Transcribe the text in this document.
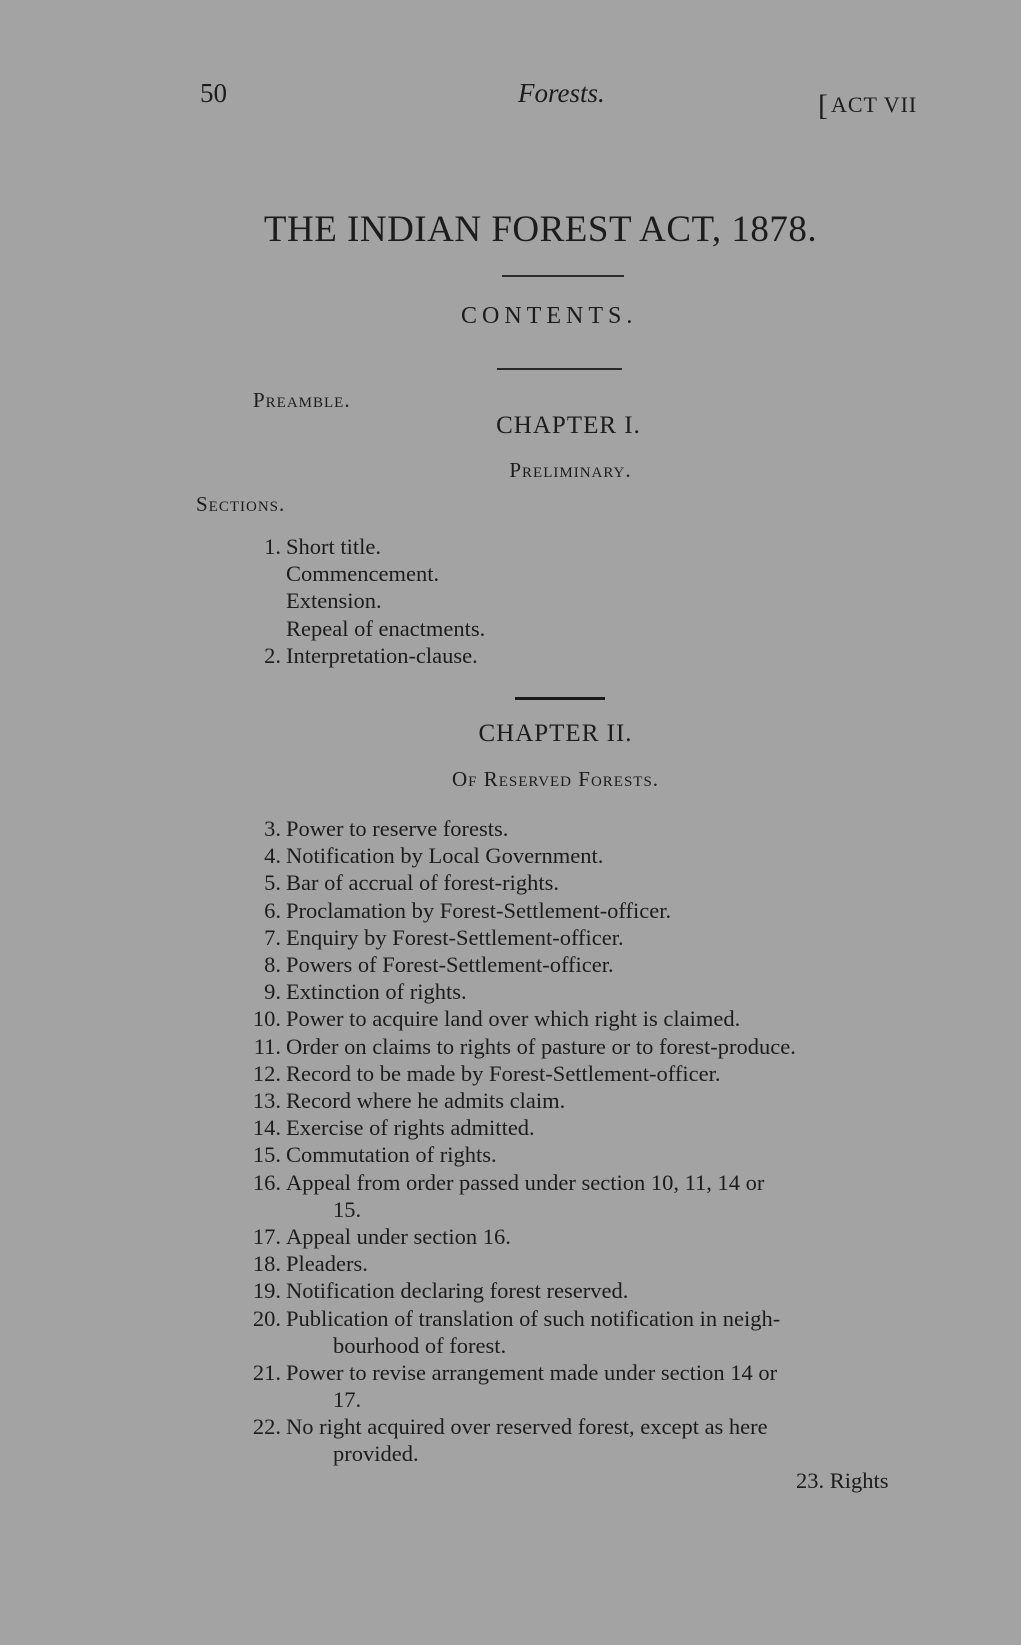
50	Forests.
[	ACT VII
THE INDIAN FOREST ACT, 1878.
CONTENTS.
Preamble.
CHAPTER I.
Preliminary.
Sections.
1. Short title.
Commencement.
Extension.
Repeal of enactments.
2. Interpretation-clause.
CHAPTER II.
Of Reserved Forests.
3. Power to reserve forests.
4. Notification by Local Government.
5. Bar of accrual of forest-rights.
6. Proclamation by Forest-Settlement-officer.
7. Enquiry by Forest-Settlement-officer.
8. Powers of Forest-Settlement-officer.
9. Extinction of rights.
10. Power to acquire land over which right is claimed.
11. Order on claims to rights of pasture or to forest-produce.
12. Record to be made by Forest-Settlement-officer.
13. Record where he admits claim.
14. Exercise of rights admitted.
15. Commutation of rights.
16. Appeal from order passed under section 10, 11, 14 or
15.
17. Appeal under section 16.
18. Pleaders.
19. Notification declaring forest reserved.
20. Publication of translation of such notification in neigh-
bourhood of forest.
21. Power to revise arrangement made under section 14 or
17.
22. No right acquired over reserved forest, except as here
provided.
23. Rights
